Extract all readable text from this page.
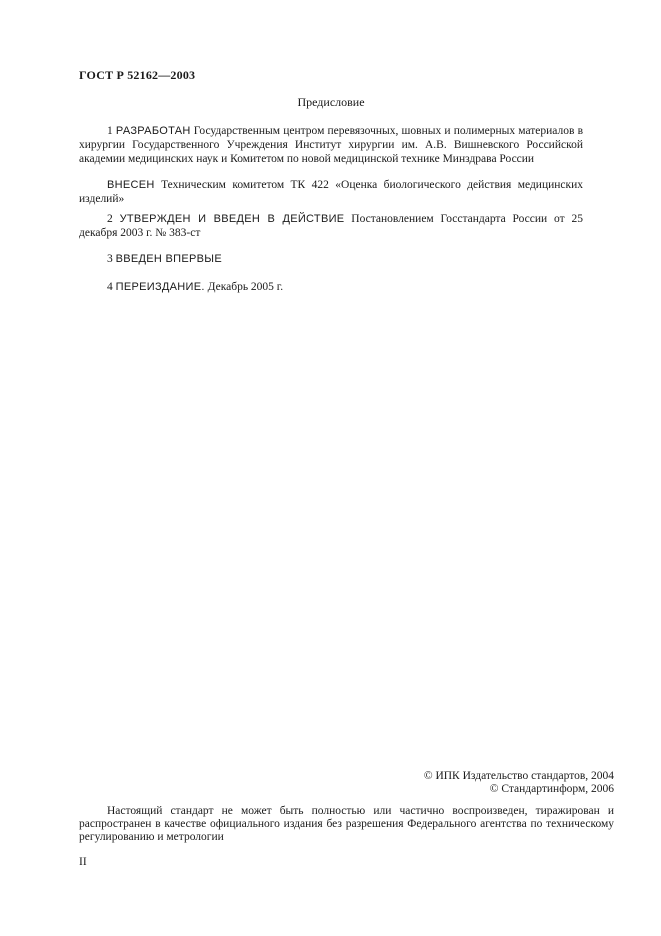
ГОСТ Р 52162—2003
Предисловие
1 РАЗРАБОТАН Государственным центром перевязочных, шовных и полимерных материалов в хирургии Государственного Учреждения Институт хирургии им. А.В. Вишневского Российской академии медицинских наук и Комитетом по новой медицинской технике Минздрава России
ВНЕСЕН Техническим комитетом ТК 422 «Оценка биологического действия медицинских изделий»
2 УТВЕРЖДЕН И ВВЕДЕН В ДЕЙСТВИЕ Постановлением Госстандарта России от 25 декабря 2003 г. № 383-ст
3 ВВЕДЕН ВПЕРВЫЕ
4 ПЕРЕИЗДАНИЕ. Декабрь 2005 г.
© ИПК Издательство стандартов, 2004
© Стандартинформ, 2006
Настоящий стандарт не может быть полностью или частично воспроизведен, тиражирован и распространен в качестве официального издания без разрешения Федерального агентства по техническому регулированию и метрологии
II
